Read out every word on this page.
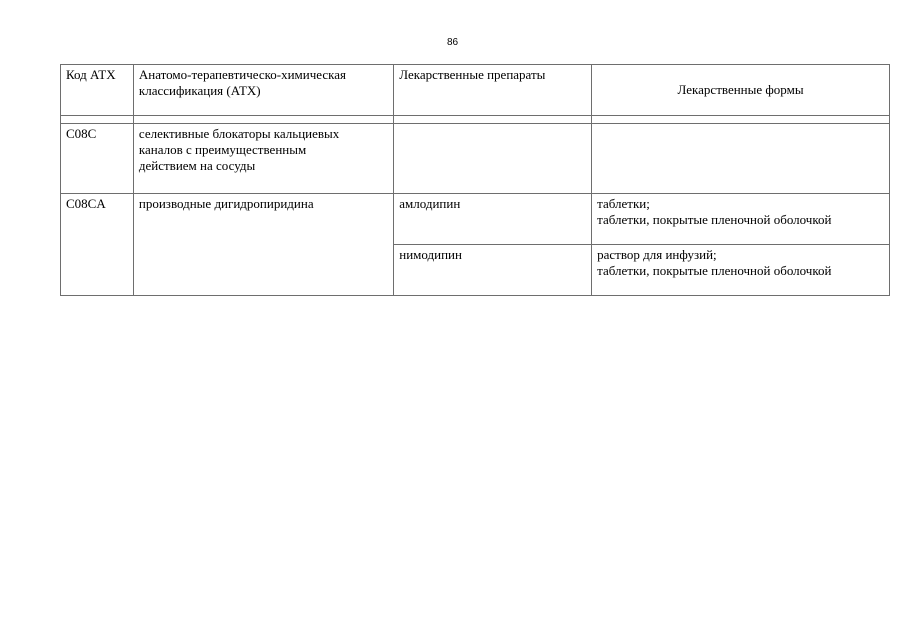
86
Код АТХ	Анатомо-терапевтическо-химическая
классификация (АТХ)	Лекарственные препараты	Лекарственные формы

C08C	селективные блокаторы кальциевых
каналов с преимущественным
действием на сосуды		

C08CA	производные дигидропиридина	амлодипин	таблетки;
таблетки, покрытые пленочной оболочкой

		нимодипин	раствор для инфузий;
таблетки, покрытые пленочной оболочкой
